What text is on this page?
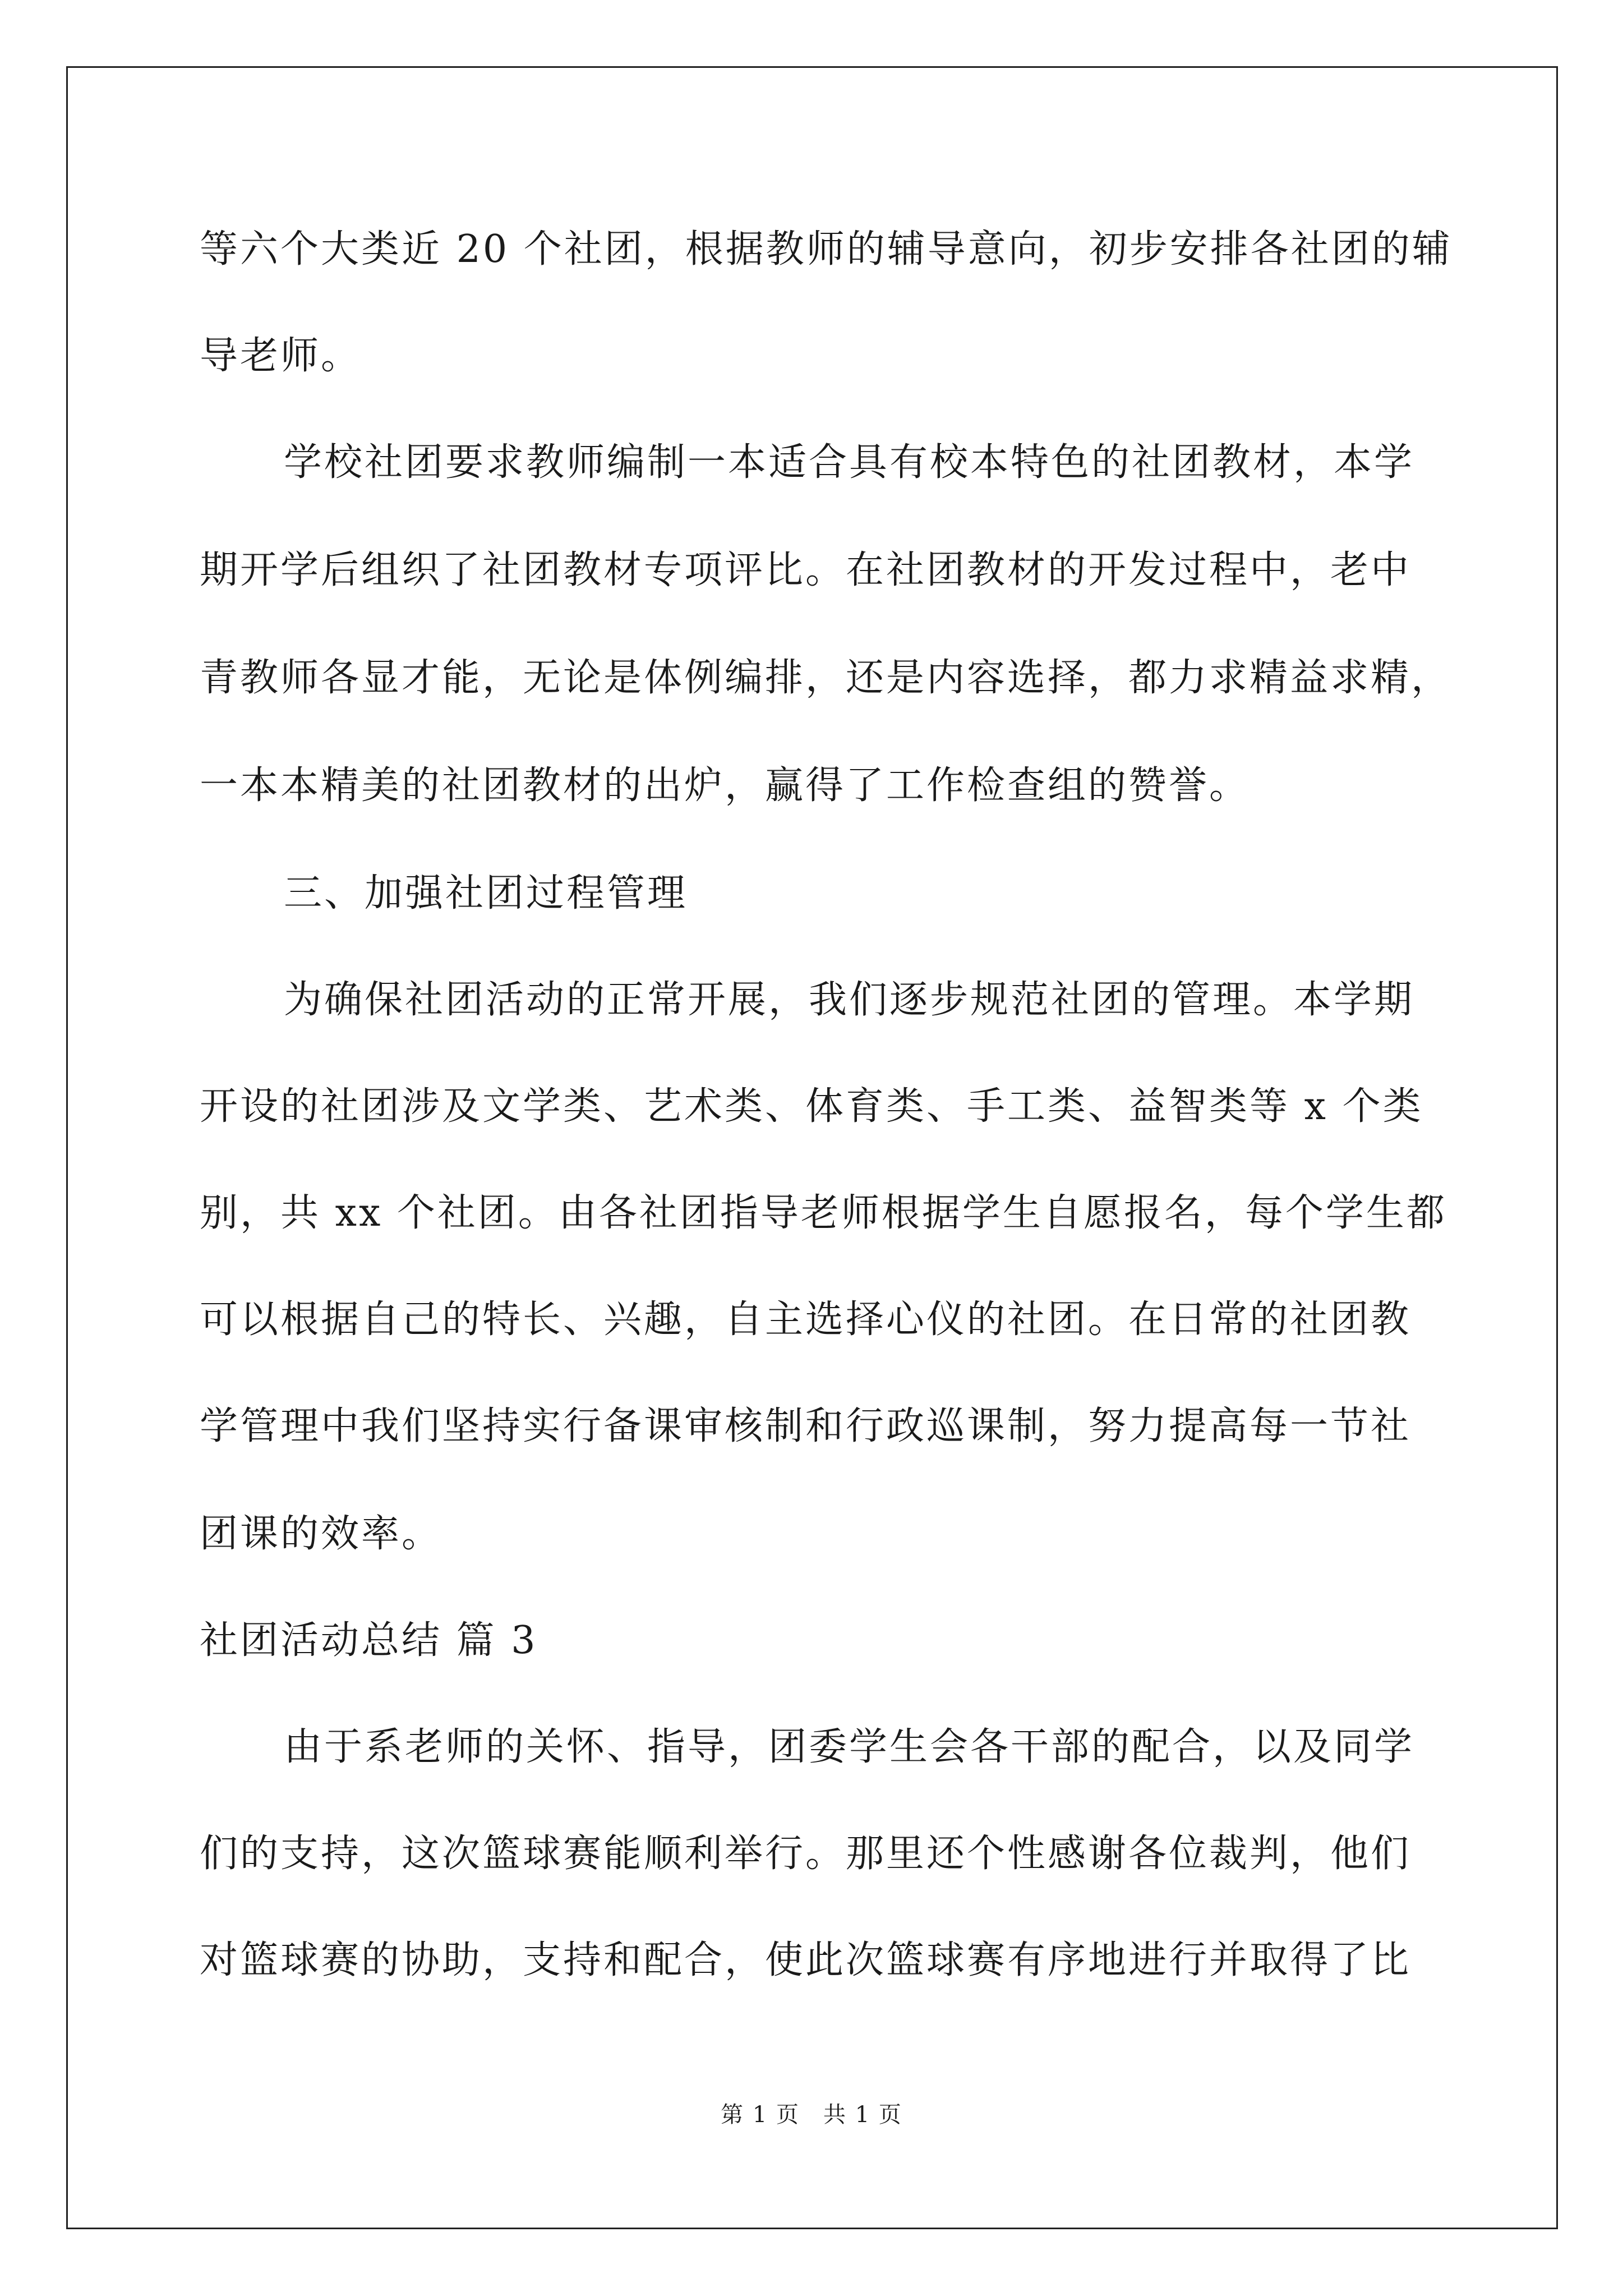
等六个大类近 20 个社团，根据教师的辅导意向，初步安排各社团的辅
导老师。
学校社团要求教师编制一本适合具有校本特色的社团教材，本学
期开学后组织了社团教材专项评比。在社团教材的开发过程中，老中
青教师各显才能，无论是体例编排，还是内容选择，都力求精益求精，
一本本精美的社团教材的出炉，赢得了工作检查组的赞誉。
三、加强社团过程管理
为确保社团活动的正常开展，我们逐步规范社团的管理。本学期
开设的社团涉及文学类、艺术类、体育类、手工类、益智类等 x 个类
别，共 xx 个社团。由各社团指导老师根据学生自愿报名，每个学生都
可以根据自己的特长、兴趣，自主选择心仪的社团。在日常的社团教
学管理中我们坚持实行备课审核制和行政巡课制，努力提高每一节社
团课的效率。
社团活动总结 篇 3
由于系老师的关怀、指导，团委学生会各干部的配合，以及同学
们的支持，这次篮球赛能顺利举行。那里还个性感谢各位裁判，他们
对篮球赛的协助，支持和配合，使此次篮球赛有序地进行并取得了比
第 1 页　共 1 页
